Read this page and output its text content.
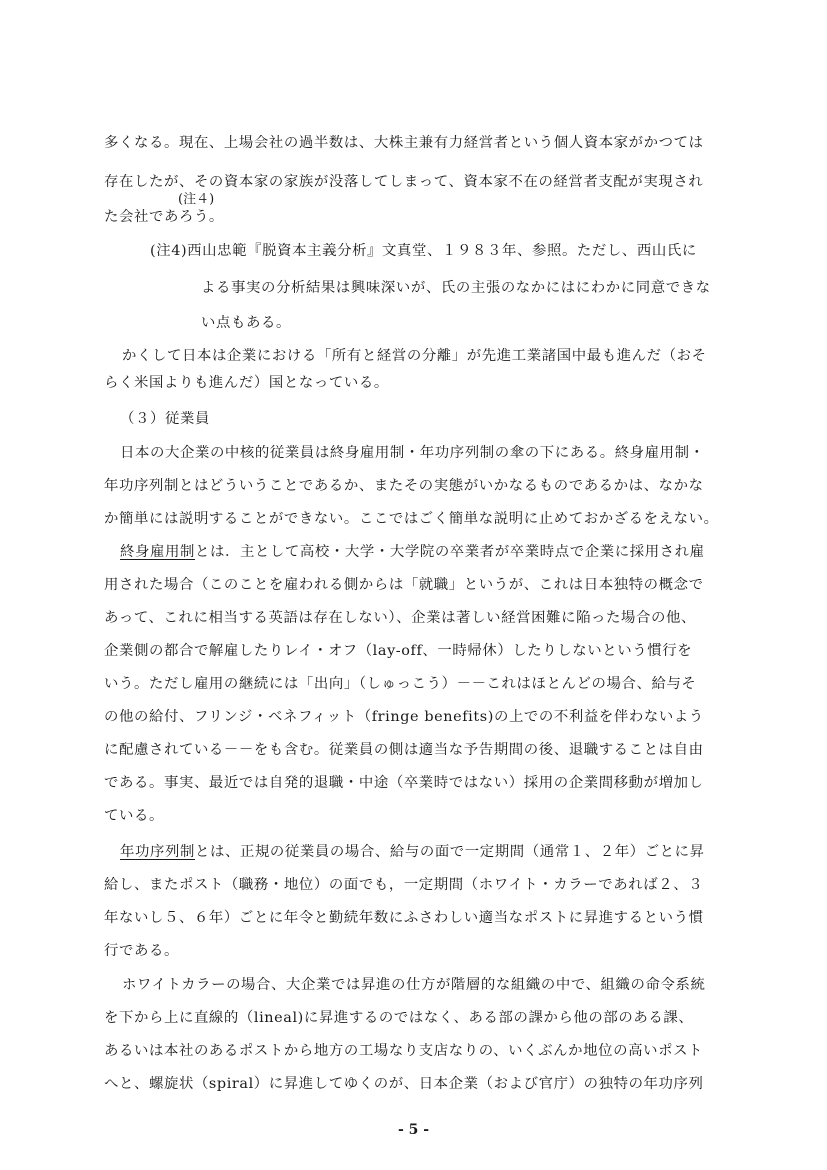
多くなる。現在、上場会社の過半数は、大株主兼有力経営者という個人資本家がかつては
存在したが、その資本家の家族が没落してしまって、資本家不在の経営者支配が実現され
(注４)
た会社であろう。
(注4)西山忠範『脱資本主義分析』文真堂、１９８３年、参照。ただし、西山氏に
よる事実の分析結果は興味深いが、氏の主張のなかにはにわかに同意できな
い点もある。
かくして日本は企業における「所有と経営の分離」が先進工業諸国中最も進んだ（おそ
らく米国よりも進んだ）国となっている。
（３）従業員
日本の大企業の中核的従業員は終身雇用制・年功序列制の傘の下にある。終身雇用制・
年功序列制とはどういうことであるか、またその実態がいかなるものであるかは、なかな
か簡単には説明することができない。ここではごく簡単な説明に止めておかざるをえない。
終身雇用制とは．主として高校・大学・大学院の卒業者が卒業時点で企業に採用され雇
用された場合（このことを雇われる側からは「就職」というが、これは日本独特の概念で
あって、これに相当する英語は存在しない）、企業は著しい経営困難に陥った場合の他、
企業側の都合で解雇したりレイ・オフ（lay-off、一時帰休）したりしないという慣行を
いう。ただし雇用の継続には「出向」（しゅっこう）－－これはほとんどの場合、給与そ
の他の給付、フリンジ・ベネフィット（fringe benefits)の上での不利益を伴わないよう
に配慮されている－－をも含む。従業員の側は適当な予告期間の後、退職することは自由
である。事実、最近では自発的退職・中途（卒業時ではない）採用の企業間移動が増加し
ている。
年功序列制とは、正規の従業員の場合、給与の面で一定期間（通常１、２年）ごとに昇
給し、またポスト（職務・地位）の面でも，一定期間（ホワイト・カラーであれば２、３
年ないし５、６年）ごとに年令と勤続年数にふさわしい適当なポストに昇進するという慣
行である。
ホワイトカラーの場合、大企業では昇進の仕方が階層的な組織の中で、組織の命令系統
を下から上に直線的（lineal)に昇進するのではなく、ある部の課から他の部のある課、
あるいは本社のあるポストから地方の工場なり支店なりの、いくぶんか地位の高いポスト
へと、螺旋状（spiral）に昇進してゆくのが、日本企業（および官庁）の独特の年功序列
- 5 -
